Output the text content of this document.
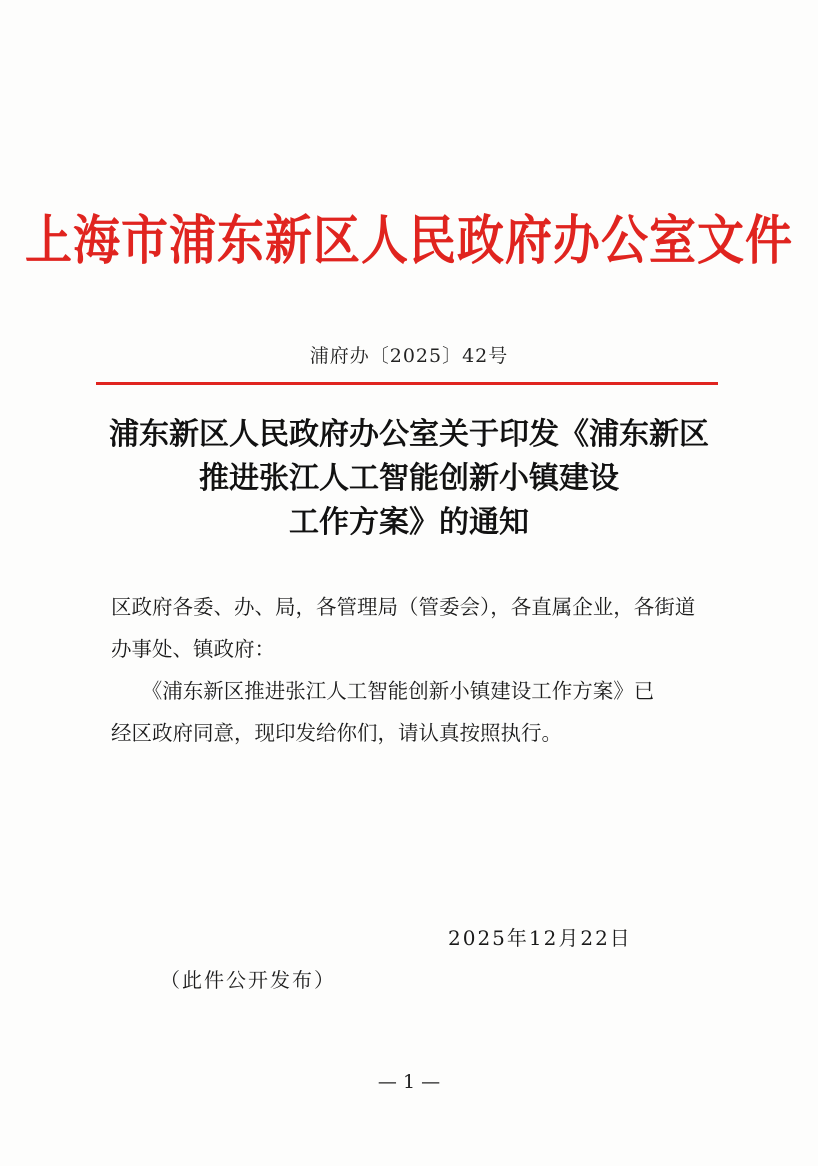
上海市浦东新区人民政府办公室文件
浦府办〔2025〕42号
浦东新区人民政府办公室关于印发《浦东新区
推进张江人工智能创新小镇建设
工作方案》的通知
区政府各委、办、局，各管理局（管委会），各直属企业，各街道
办事处、镇政府：
　　《浦东新区推进张江人工智能创新小镇建设工作方案》已
经区政府同意，现印发给你们，请认真按照执行。
2025年12月22日
（此件公开发布）
— 1 —
